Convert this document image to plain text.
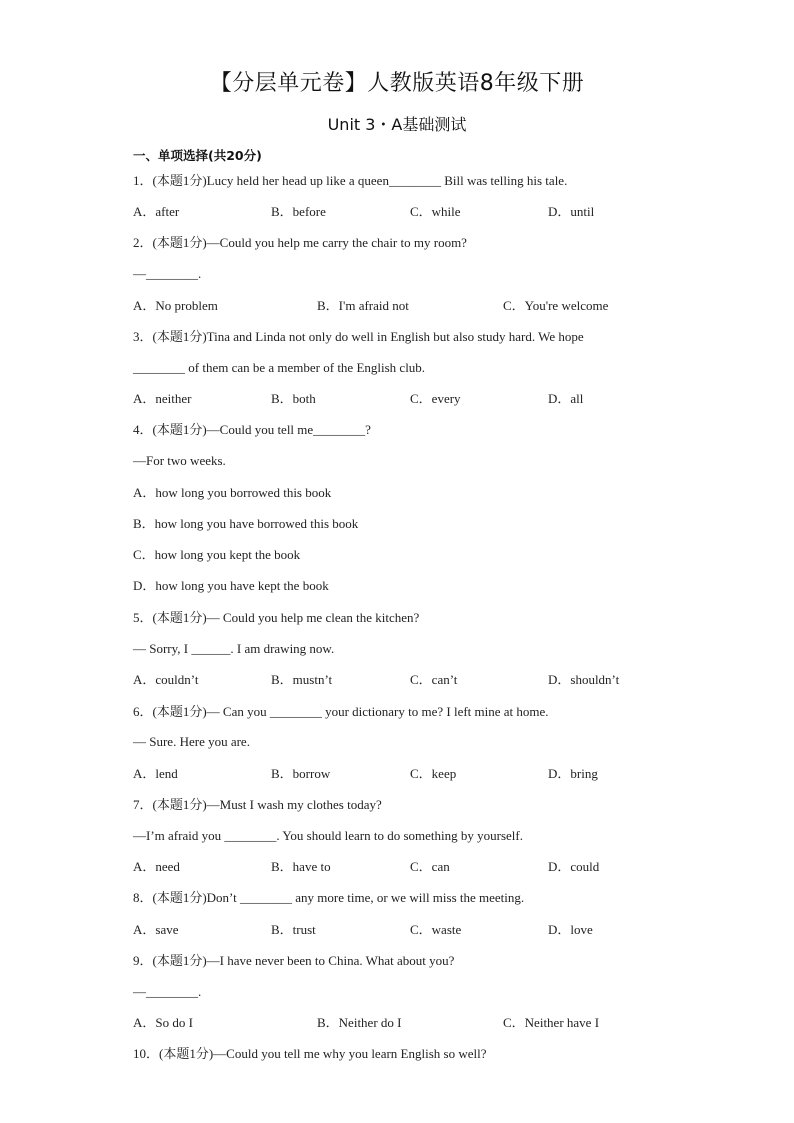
【分层单元卷】人教版英语8年级下册
Unit 3・A基础测试
一、单项选择(共20分)
1．(本题1分)Lucy held her head up like a queen________ Bill was telling his tale.
A．after	B．before	C．while	D．until
2．(本题1分)—Could you help me carry the chair to my room?
—________.
A．No problem	B．I'm afraid not	C．You're welcome
3．(本题1分)Tina and Linda not only do well in English but also study hard. We hope
________ of them can be a member of the English club.
A．neither	B．both	C．every	D．all
4．(本题1分)—Could you tell me________?
—For two weeks.
A．how long you borrowed this book
B．how long you have borrowed this book
C．how long you kept the book
D．how long you have kept the book
5．(本题1分)— Could you help me clean the kitchen?
— Sorry, I ______. I am drawing now.
A．couldn’t	B．mustn’t	C．can’t	D．shouldn’t
6．(本题1分)— Can you ________ your dictionary to me? I left mine at home.
— Sure. Here you are.
A．lend	B．borrow	C．keep	D．bring
7．(本题1分)—Must I wash my clothes today?
—I’m afraid you ________. You should learn to do something by yourself.
A．need	B．have to	C．can	D．could
8．(本题1分)Don’t ________ any more time, or we will miss the meeting.
A．save	B．trust	C．waste	D．love
9．(本题1分)—I have never been to China. What about you?
—________.
A．So do I	B．Neither do I	C．Neither have I
10．(本题1分)—Could you tell me why you learn English so well?
